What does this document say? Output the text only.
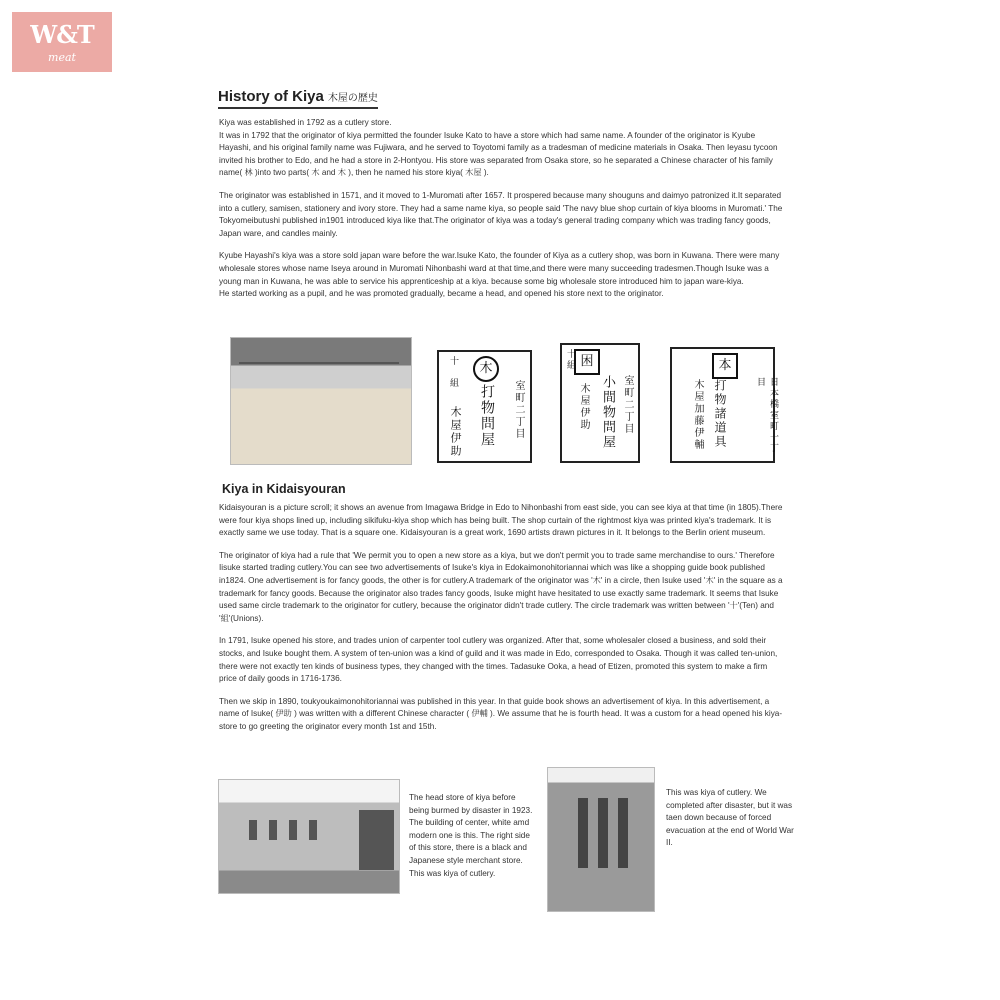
W&T
meat
History of Kiya 木屋の歴史

Kiya was established in 1792 as a cutlery store.

It was in 1792 that the originator of kiya permitted the founder Isuke Kato to have a store which had same name. A founder of the originator is Kyube Hayashi, and his original family name was Fujiwara, and he served to Toyotomi family as a tradesman of medicine materials in Osaka. Then Ieyasu tycoon invited his brother to Edo, and he had a store in 2-Hontyou. His store was separated from Osaka store, so he separated a Chinese character of his family name( 林 )into two parts( 木 and 木 ), then he named his store kiya( 木屋 ).

The originator was established in 1571, and it moved to 1-Muromati after 1657. It prospered because many shouguns and daimyo patronized it.It separated into a cutlery, samisen, stationery and ivory store. They had a same name kiya, so people said 'The navy blue shop curtain of kiya blooms in Muromati.' The Tokyomeibutushi published in1901 introduced kiya like that.The originator of kiya was a today's general trading company which was trading fancy goods, Japan ware, and candles mainly.

Kyube Hayashi's kiya was a store sold japan ware before the war.Isuke Kato, the founder of Kiya as a cutlery shop, was born in Kuwana. There were many wholesale stores whose name Iseya around in Muromati Nihonbashi ward at that time,and there were many succeeding tradesmen.Though Isuke was a young man in Kuwana, he was able to service his apprenticeship at a kiya. because some big wholesale store introduced him to japan ware-kiya.

He started working as a pupil, and he was promoted gradually, became a head, and opened his store next to the originator.

木
十
組
打物問屋 室町二丁目
木屋伊助
困
十組
小間物問屋 室町二丁目
木屋伊助
本
打物諸道具
木屋加藤伊輔	日本橋室町一丁目
Kiya in Kidaisyouran

Kidaisyouran is a picture scroll; it shows an avenue from Imagawa Bridge in Edo to Nihonbashi from east side, you can see kiya at that time (in 1805).There were four kiya shops lined up, including sikifuku-kiya shop which has being built. The shop curtain of the rightmost kiya was printed kiya's trademark. It is exactly same we use today. That is a square one. Kidaisyouran is a great work, 1690 artists drawn pictures in it. It belongs to the Berlin orient museum.

The originator of kiya had a rule that 'We permit you to open a new store as a kiya, but we don't permit you to trade same merchandise to ours.' Therefore Iisuke started trading cutlery.You can see two advertisements of Isuke's kiya in Edokaimonohitoriannai which was like a shopping guide book published in1824. One advertisement is for fancy goods, the other is for cutlery.A trademark of the originator was '木' in a circle, then Isuke used '木' in the square as a trademark for fancy goods. Because the originator also trades fancy goods, Isuke might have hesitated to use exactly same trademark. It seems that Isuke used same circle trademark to the originator for cutlery, because the originator didn't trade cutlery. The circle trademark was written between '十'(Ten) and '組'(Unions).

In 1791, Isuke opened his store, and trades union of carpenter tool cutlery was organized. After that, some wholesaler closed a business, and sold their stocks, and Isuke bought them. A system of ten-union was a kind of guild and it was made in Edo, corresponded to Osaka. Though it was called ten-union, there were not exactly ten kinds of business types, they changed with the times. Tadasuke Ooka, a head of Etizen, promoted this system to make a firm price of daily goods in 1716-1736.

Then we skip in 1890, toukyoukaimonohitoriannai was published in this year. In that guide book shows an advertisement of kiya. In this advertisement, a name of Isuke( 伊助 ) was written with a different Chinese character ( 伊輔 ). We assume that he is fourth head. It was a custom for a head opened his kiya-store to go greeting the originator every month 1st and 15th.

The head store of kiya before being burmed by disaster in 1923. The building of center, white amd modern one is this. The right side of this store, there is a black and Japanese style merchant store. This was kiya of cutlery.
This was kiya of cutlery. We completed after disaster, but it was taen down because of forced evacuation at the end of World War II.
